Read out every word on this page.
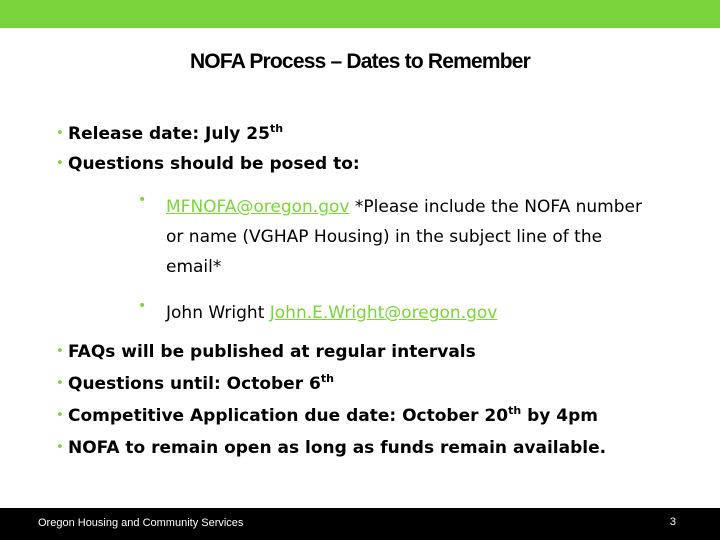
NOFA Process – Dates to Remember
• Release date: July 25th
• Questions should be posed to:
• MFNOFA@oregon.gov *Please include the NOFA number or name (VGHAP Housing) in the subject line of the email*
• John Wright John.E.Wright@oregon.gov
• FAQs will be published at regular intervals
• Questions until: October 6th
• Competitive Application due date: October 20th by 4pm
• NOFA to remain open as long as funds remain available.
Oregon Housing and Community Services	3
